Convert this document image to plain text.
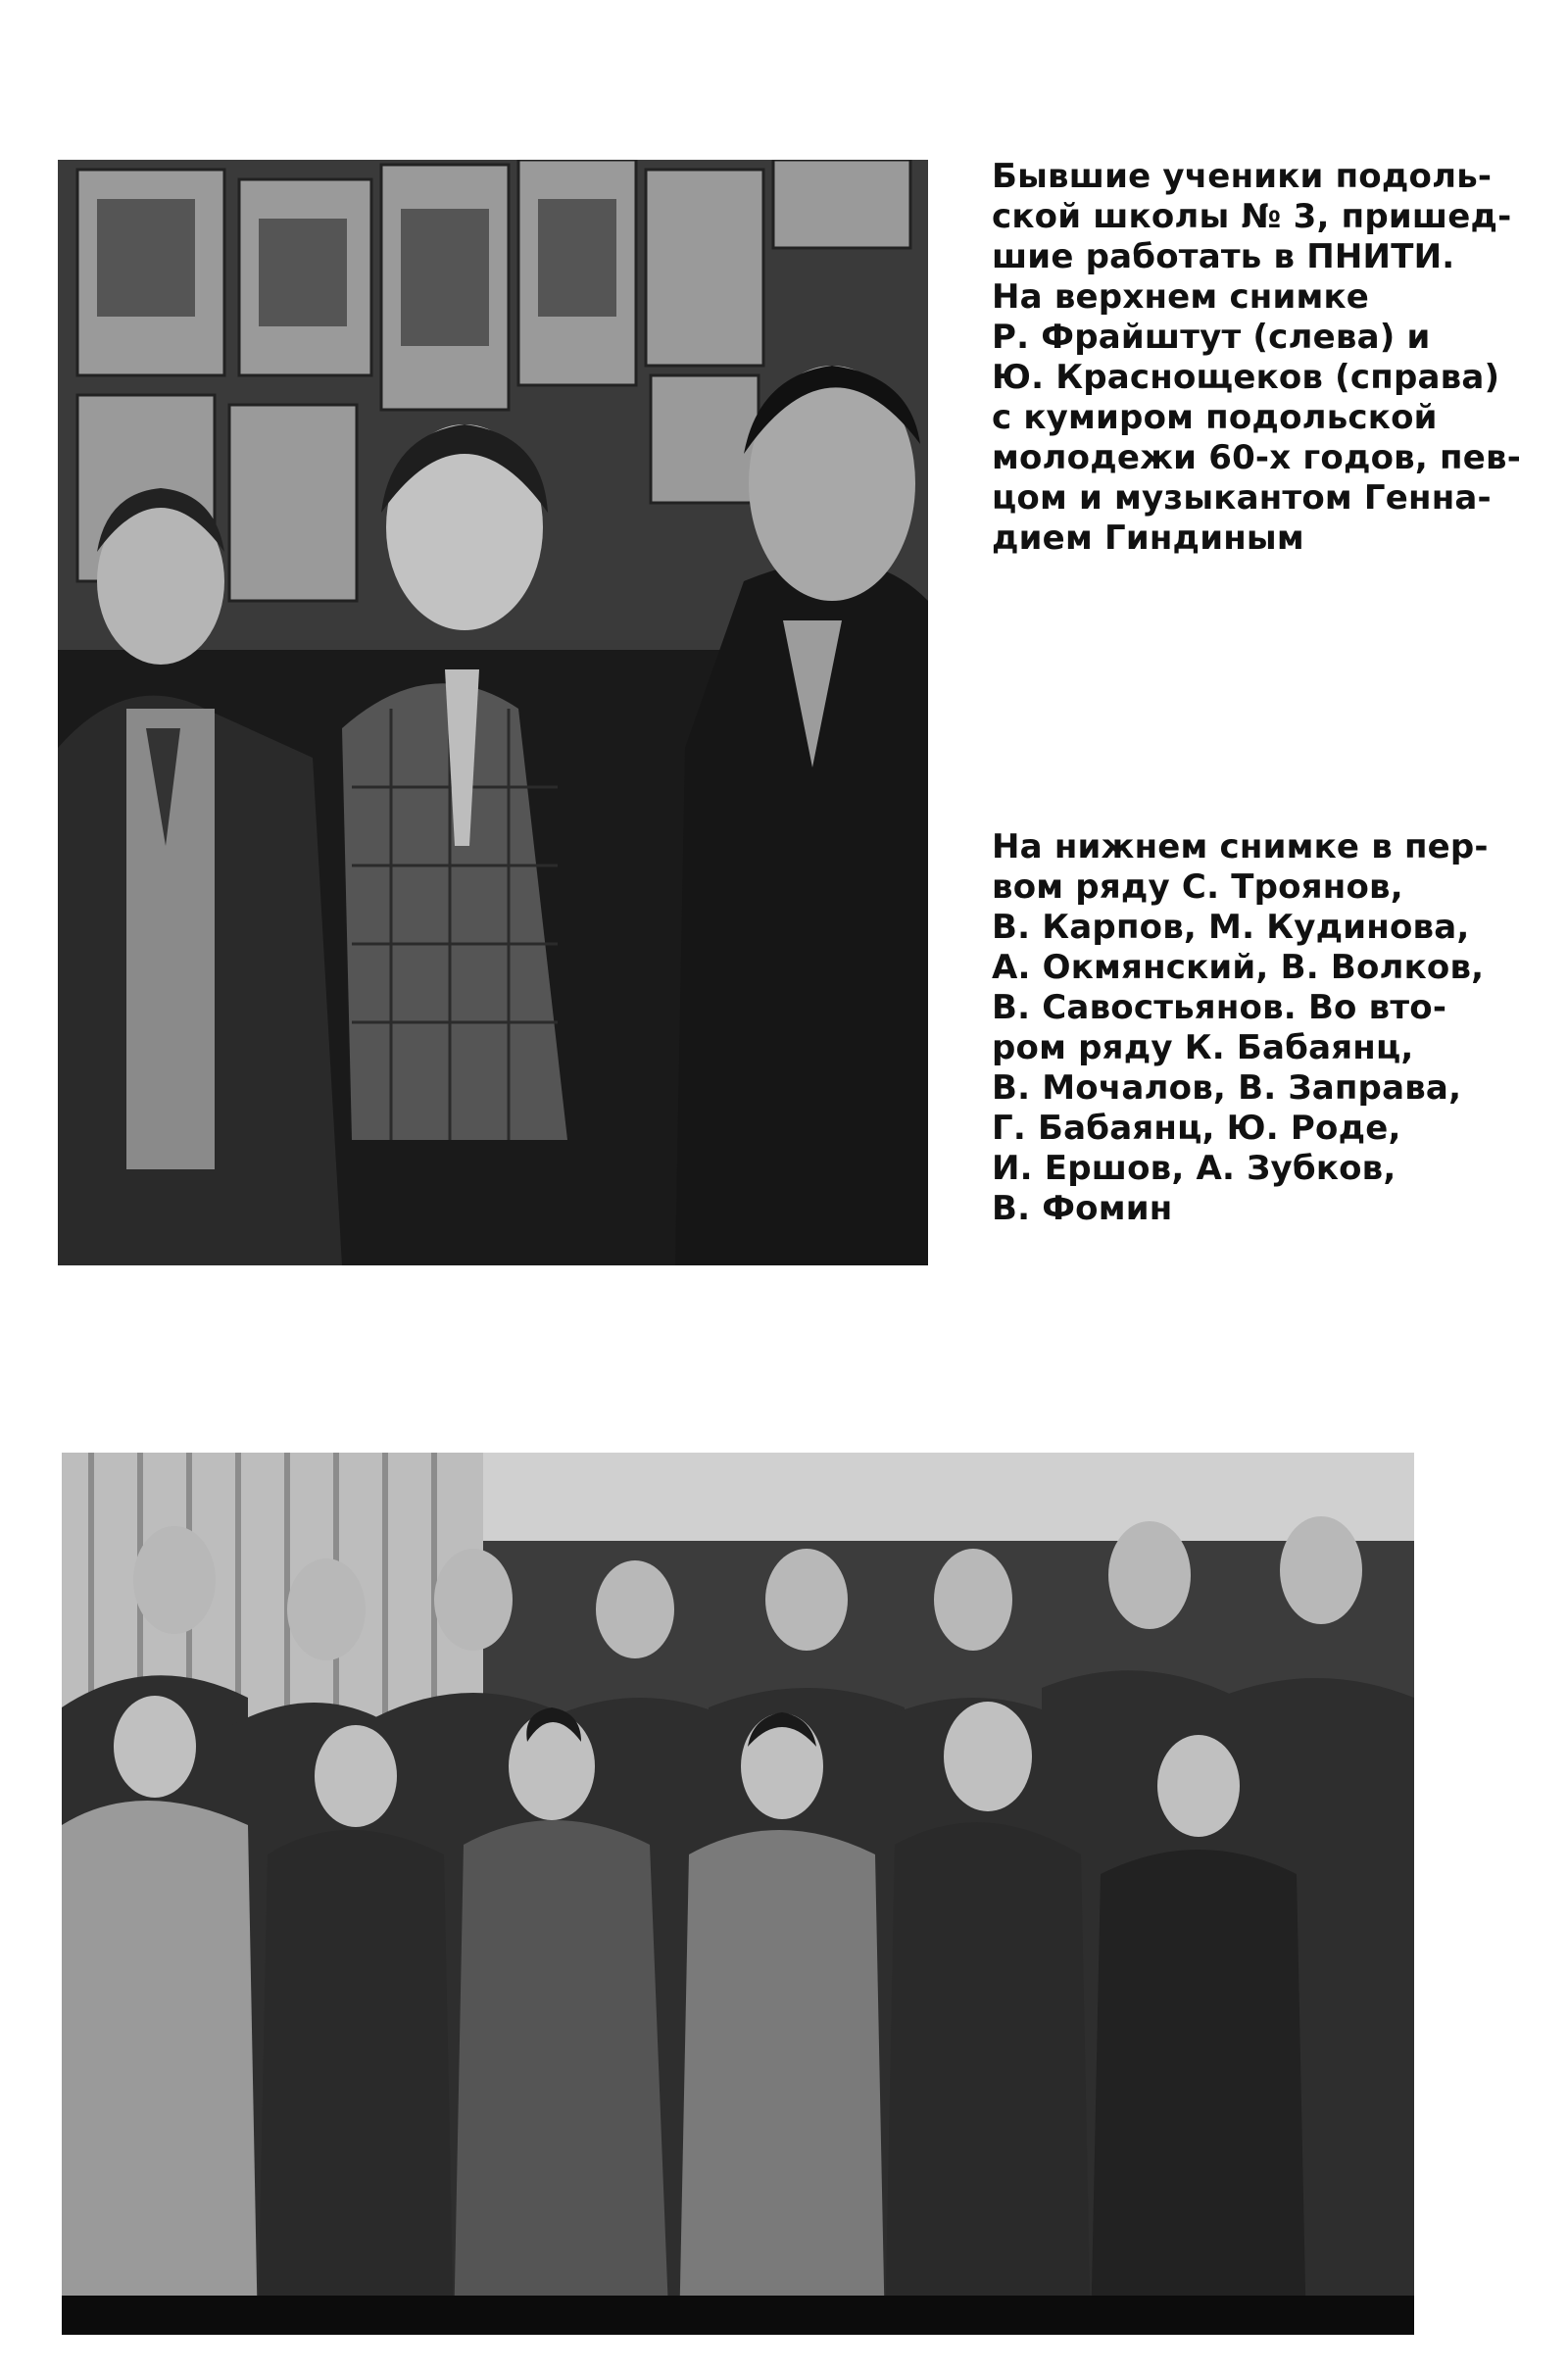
Бывшие ученики подоль-

ской школы № 3, пришед-

шие работать в ПНИТИ.

На верхнем снимке

Р. Фрайштут (слева) и

Ю. Краснощеков (справа)

с кумиром подольской

молодежи 60-х годов, пев-

цом и музыкантом Генна-

дием Гиндиным

На нижнем снимке в пер-

вом ряду С. Троянов,

В. Карпов, М. Кудинова,

А. Окмянский, В. Волков,

В. Савостьянов. Во вто-

ром ряду К. Бабаянц,

В. Мочалов, В. Заправа,

Г. Бабаянц, Ю. Роде,

И. Ершов, А. Зубков,

В. Фомин
